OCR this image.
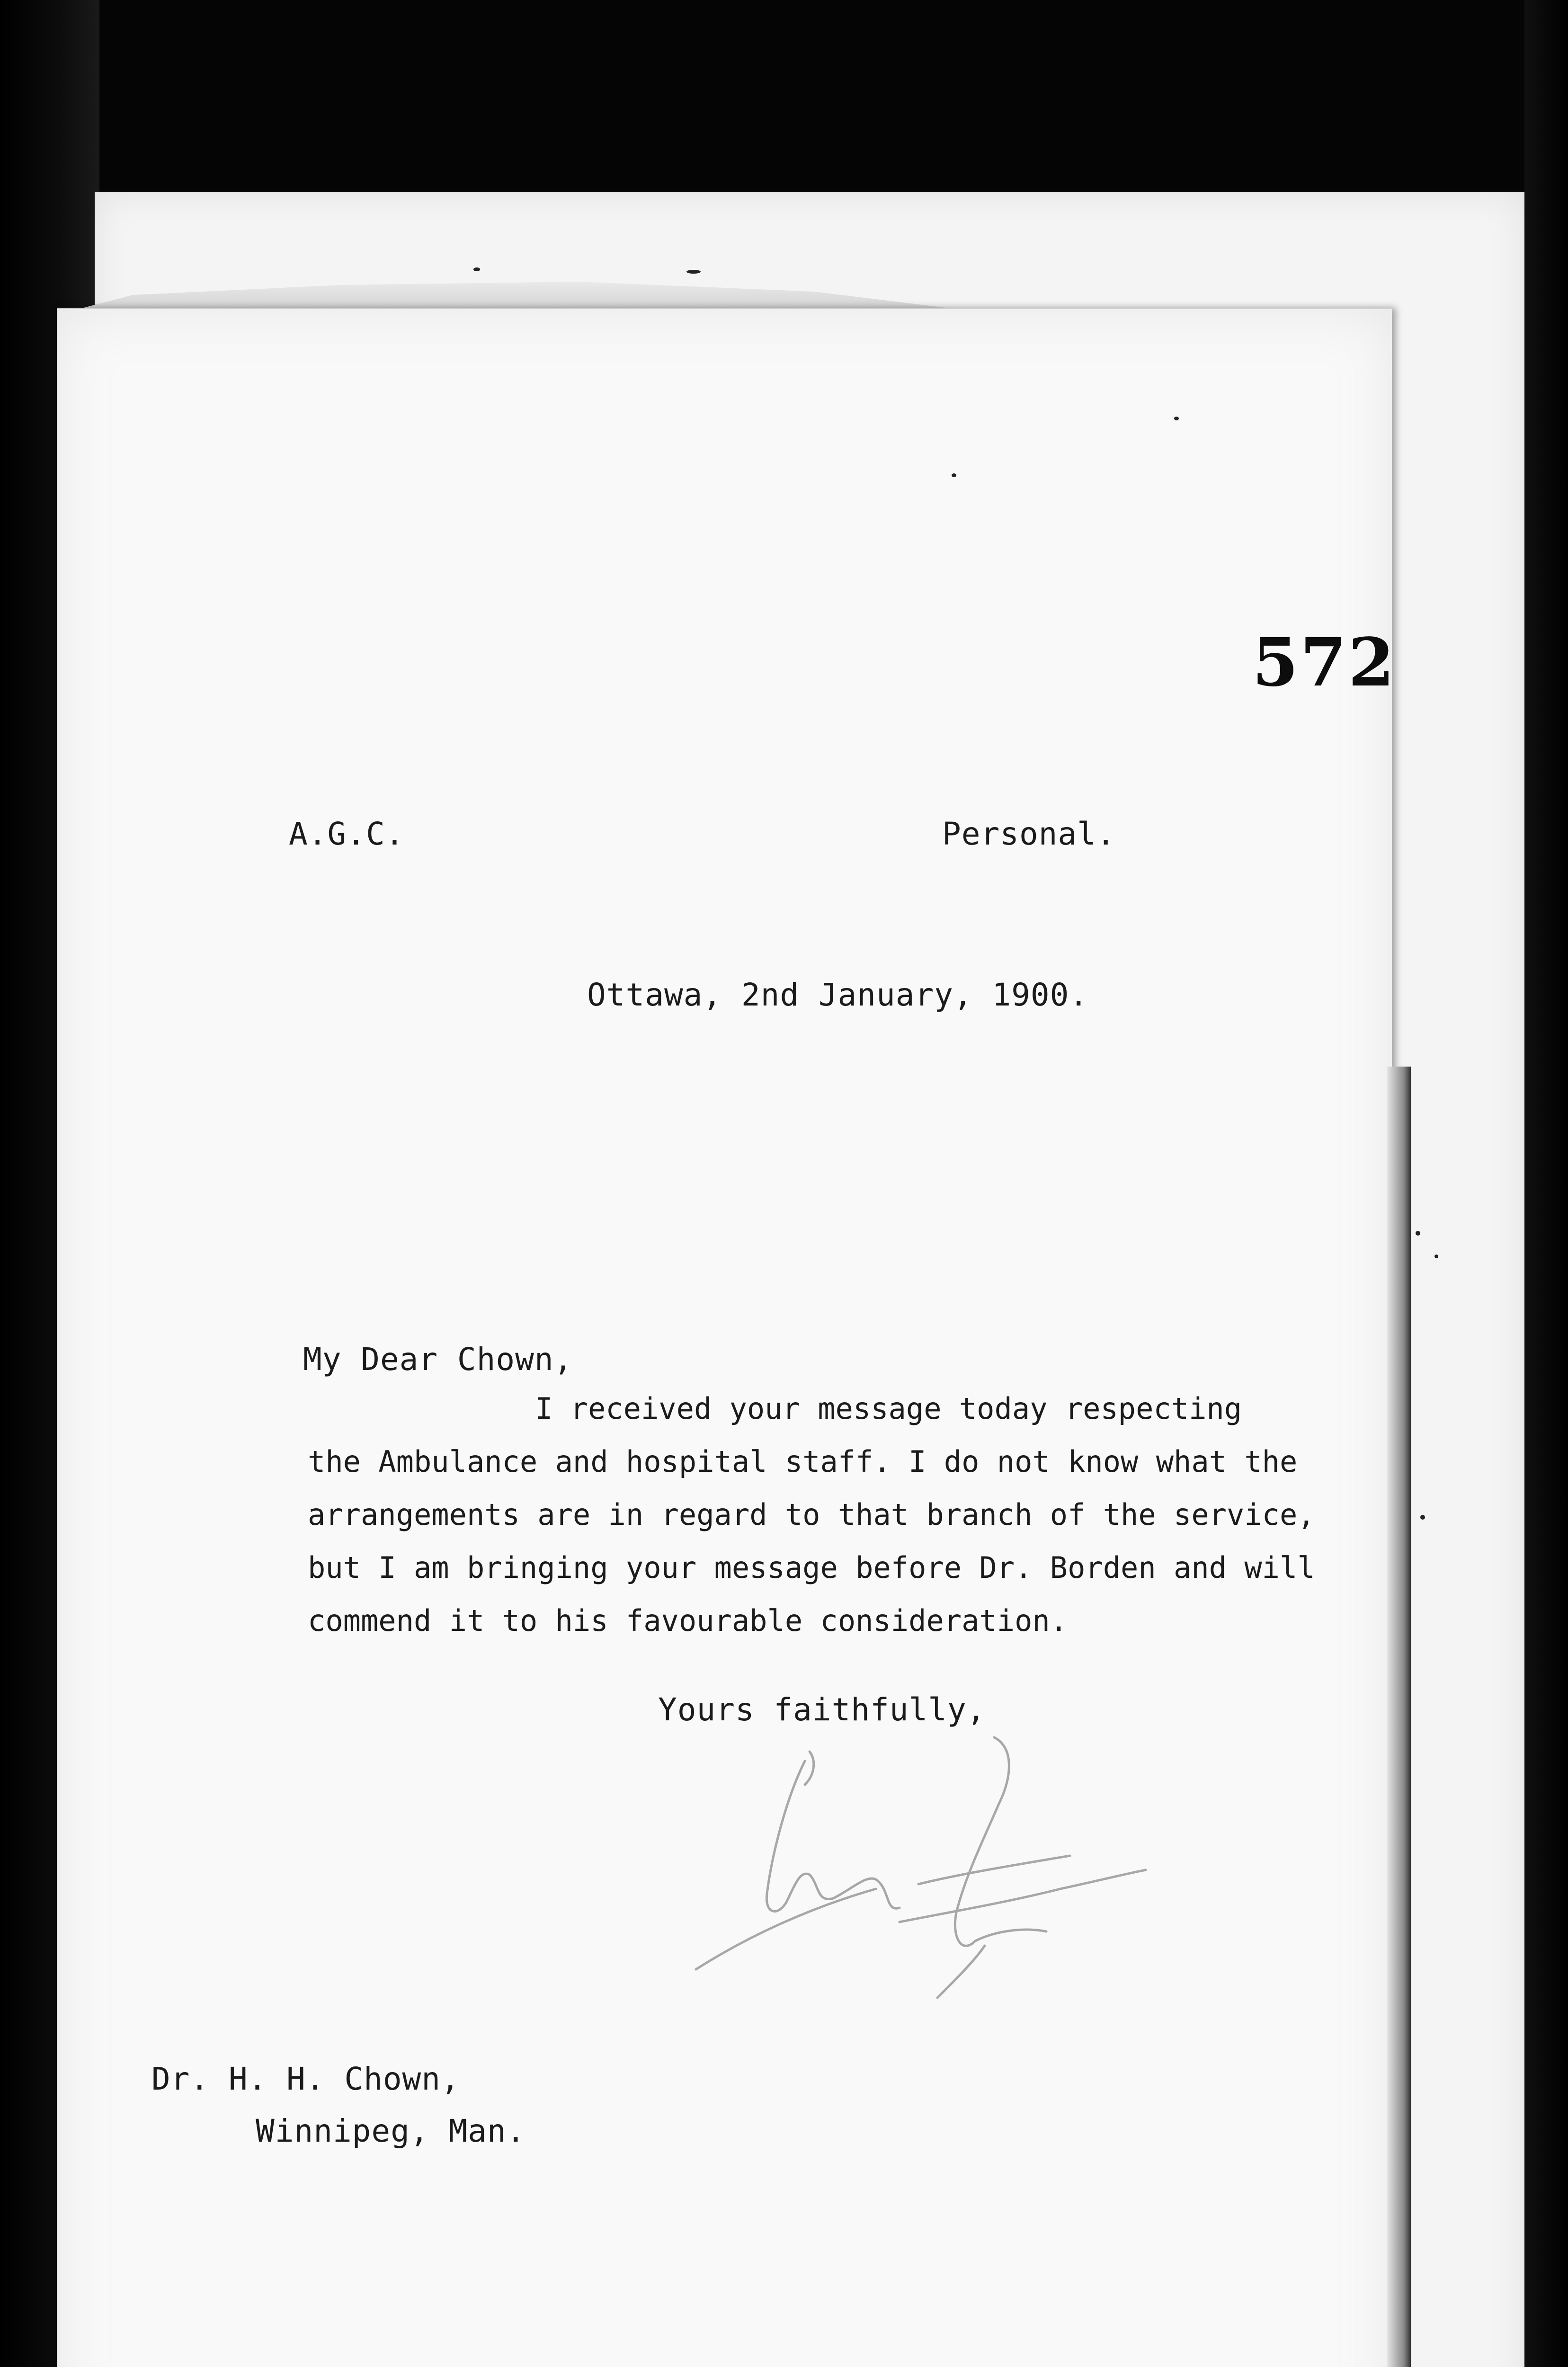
572
A.G.C.	Personal.
Ottawa, 2nd January, 1900.
My Dear Chown,
Yours faithfully,
Dr. H. H. Chown,
Winnipeg, Man.
I received your message today respecting
the Ambulance and hospital staff. I do not know what the
arrangements are in regard to that branch of the service,
but I am bringing your message before Dr. Borden and will
commend it to his favourable consideration.
